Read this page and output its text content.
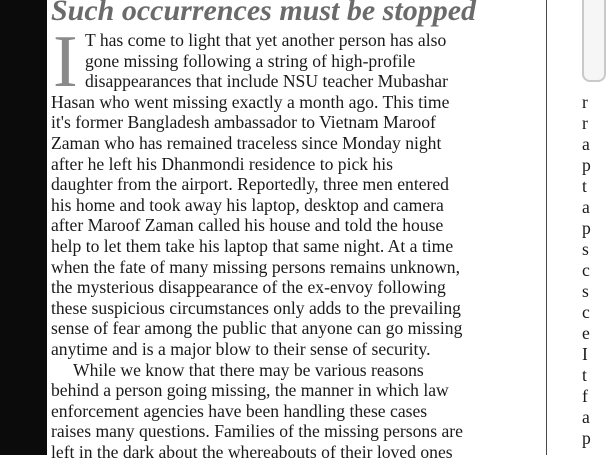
Such occurrences must be stopped
I T has come to light that yet another person has also
gone missing following a string of high-profile
disappearances that include NSU teacher Mubashar
Hasan who went missing exactly a month ago. This time
it's former Bangladesh ambassador to Vietnam Maroof
Zaman who has remained traceless since Monday night
after he left his Dhanmondi residence to pick his
daughter from the airport. Reportedly, three men entered
his home and took away his laptop, desktop and camera
after Maroof Zaman called his house and told the house
help to let them take his laptop that same night. At a time
when the fate of many missing persons remains unknown,
the mysterious disappearance of the ex-envoy following
these suspicious circumstances only adds to the prevailing
sense of fear among the public that anyone can go missing
anytime and is a major blow to their sense of security.
While we know that there may be various reasons
behind a person going missing, the manner in which law
enforcement agencies have been handling these cases
raises many questions. Families of the missing persons are
left in the dark about the whereabouts of their loved ones
r
r
a
p
t
a
p
s
c
s
c
e
I
t
f
a
p
